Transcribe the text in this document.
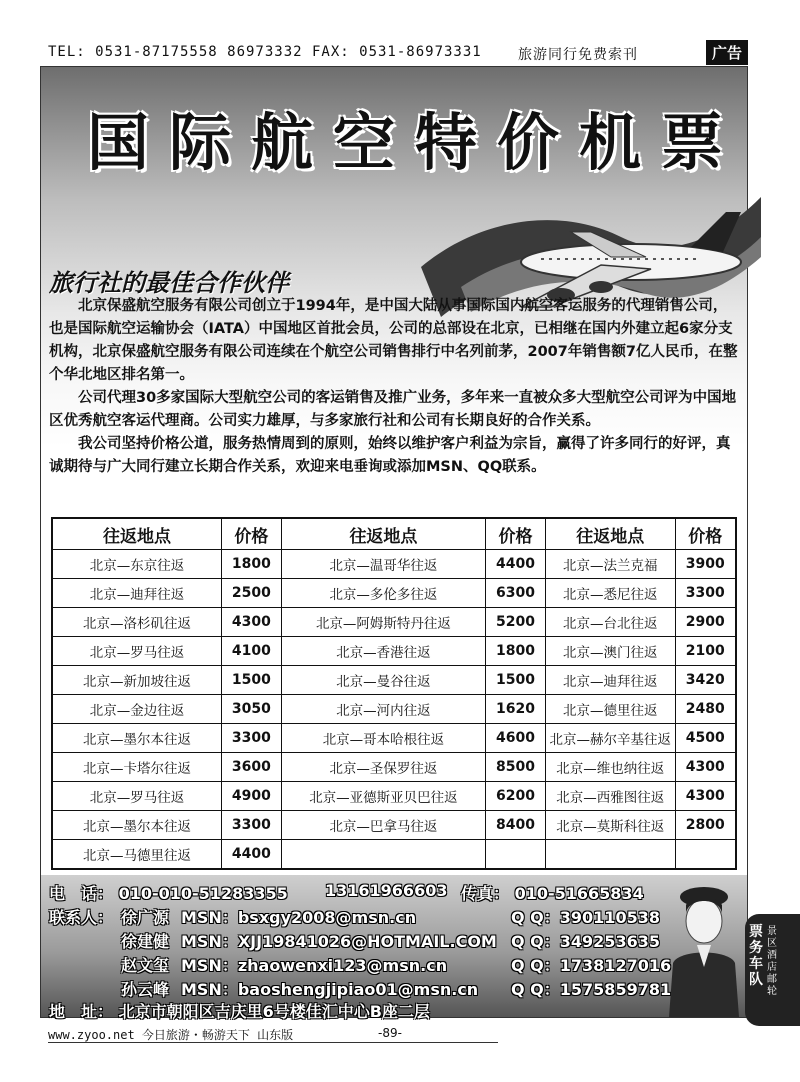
TEL: 0531-87175558 86973332 FAX: 0531-86973331	旅游同行免费索刊	广告
国际航空特价机票
旅行社的最佳合作伙伴

北京保盛航空服务有限公司创立于1994年，是中国大陆从事国际国内航空客运服务的代理销售公司，也是国际航空运输协会（IATA）中国地区首批会员，公司的总部设在北京，已相继在国内外建立起6家分支机构，北京保盛航空服务有限公司连续在个航空公司销售排行中名列前茅，2007年销售额7亿人民币，在整个华北地区排名第一。

公司代理30多家国际大型航空公司的客运销售及推广业务，多年来一直被众多大型航空公司评为中国地区优秀航空客运代理商。公司实力雄厚，与多家旅行社和公司有长期良好的合作关系。

我公司坚持价格公道，服务热情周到的原则，始终以维护客户利益为宗旨，赢得了许多同行的好评，真诚期待与广大同行建立长期合作关系，欢迎来电垂询或添加MSN、QQ联系。

往返地点	价格	往返地点	价格	往返地点	价格
北京—东京往返	1800	北京—温哥华往返	4400	北京—法兰克福	3900
北京—迪拜往返	2500	北京—多伦多往返	6300	北京—悉尼往返	3300
北京—洛杉矶往返	4300	北京—阿姆斯特丹往返	5200	北京—台北往返	2900
北京—罗马往返	4100	北京—香港往返	1800	北京—澳门往返	2100
北京—新加坡往返	1500	北京—曼谷往返	1500	北京—迪拜往返	3420
北京—金边往返	3050	北京—河内往返	1620	北京—德里往返	2480
北京—墨尔本往返	3300	北京—哥本哈根往返	4600	北京—赫尔辛基往返	4500
北京—卡塔尔往返	3600	北京—圣保罗往返	8500	北京—维也纳往返	4300
北京—罗马往返	4900	北京—亚德斯亚贝巴往返	6200	北京—西雅图往返	4300
北京—墨尔本往返	3300	北京—巴拿马往返	8400	北京—莫斯科往返	2800
北京—马德里往返	4400				
电　话： 010-010-51283355 13161966603 传真： 010-51665834
联系人： 徐广源 MSN：bsxgy2008@msn.cn	Q Q：390110538
徐建健 MSN：XJJ19841026@HOTMAIL.COM Q Q：349253635
赵文玺 MSN：zhaowenxi123@msn.cn	Q Q：1738127016
孙云峰 MSN：baoshengjipiao01@msn.cn Q Q：1575859781
地　址： 北京市朝阳区吉庆里6号楼佳汇中心B座二层
www.zyoo.net 今日旅游・畅游天下 山东版	-89-
票务车队
景区酒店邮轮
